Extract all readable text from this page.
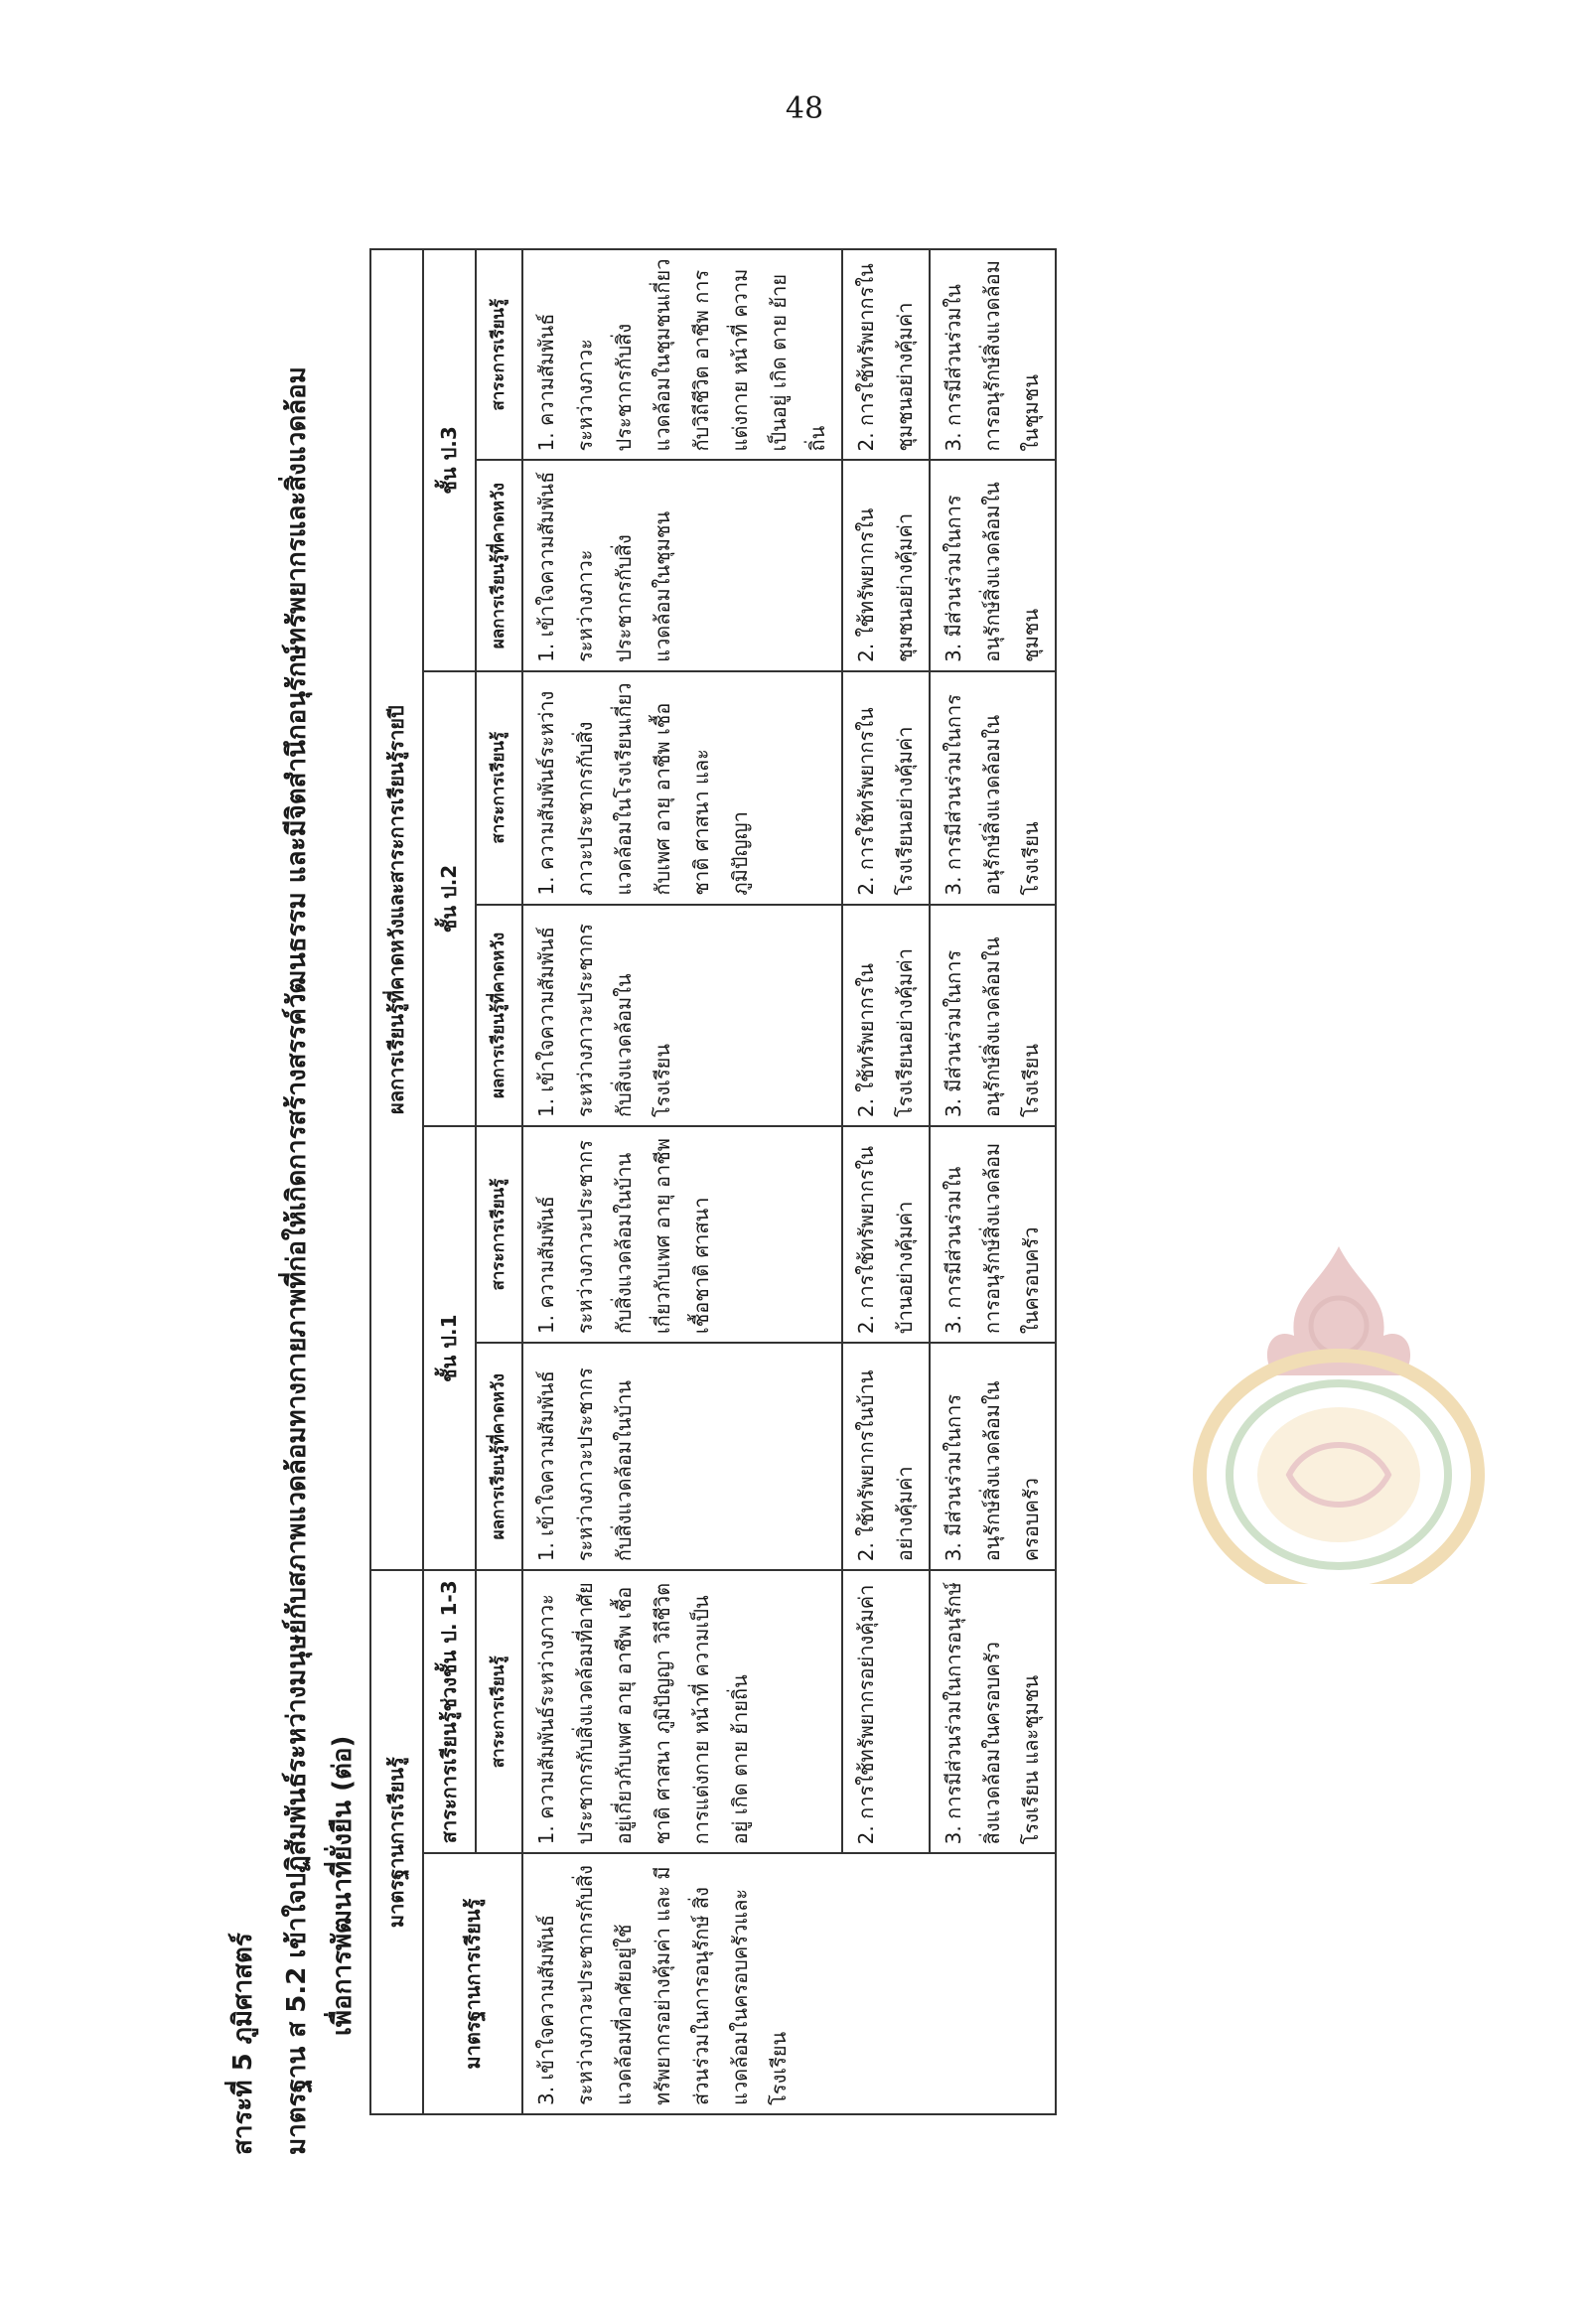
48
สาระที่ 5 ภูมิศาสตร์ มาตรฐาน ส 5.2 เข้าใจปฏิสัมพันธ์ระหว่างมนุษย์กับสภาพแวดล้อมทางกายภาพที่ก่อให้เกิดการสร้างสรรค์วัฒนธรรม และมีจิตสำนึกอนุรักษ์ทรัพยากรและสิ่งแวดล้อม เพื่อการพัฒนาที่ยั่งยืน (ต่อ) มาตรฐานการเรียนรู้		ผลการเรียนรู้ที่คาดหวังและสาระการเรียนรู้รายปี					
มาตรฐานการเรียนรู้	สาระการเรียนรู้ช่วงชั้น ป. 1-3	ชั้น ป.1		ชั้น ป.2		ชั้น ป.3	
	สาระการเรียนรู้	ผลการเรียนรู้ที่คาดหวัง	สาระการเรียนรู้	ผลการเรียนรู้ที่คาดหวัง	สาระการเรียนรู้	ผลการเรียนรู้ที่คาดหวัง	สาระการเรียนรู้
3. เข้าใจความสัมพันธ์ระหว่างภาวะประชากรกับสิ่งแวดล้อมที่อาศัยอยู่ใช้ทรัพยากรอย่างคุ้มค่า และ มีส่วนร่วมในการอนุรักษ์ สิ่งแวดล้อมในครอบครัวและโรงเรียน	1. ความสัมพันธ์ระหว่างภาวะประชากรกับสิ่งแวดล้อมที่อาศัยอยู่เกี่ยวกับเพศ อายุ อาชีพ เชื้อชาติ ศาสนา ภูมิปัญญา วิถีชีวิต การแต่งกาย หน้าที่ ความเป็นอยู่ เกิด ตาย ย้ายถิ่น	1. เข้าใจความสัมพันธ์ระหว่างภาวะประชากรกับสิ่งแวดล้อมในบ้าน	1. ความสัมพันธ์ระหว่างภาวะประชากรกับสิ่งแวดล้อมในบ้านเกี่ยวกับเพศ อายุ อาชีพ เชื้อชาติ ศาสนา	1. เข้าใจความสัมพันธ์ระหว่างภาวะประชากรกับสิ่งแวดล้อมในโรงเรียน	1. ความสัมพันธ์ระหว่างภาวะประชากรกับสิ่งแวดล้อมในโรงเรียนเกี่ยวกับเพศ อายุ อาชีพ เชื้อชาติ ศาสนา และภูมิปัญญา	1. เข้าใจความสัมพันธ์ระหว่างภาวะประชากรกับสิ่งแวดล้อมในชุมชน	1. ความสัมพันธ์ระหว่างภาวะประชากรกับสิ่งแวดล้อมในชุมชนเกี่ยวกับวิถีชีวิต อาชีพ การแต่งกาย หน้าที่ ความเป็นอยู่ เกิด ตาย ย้ายถิ่น
	2. การใช้ทรัพยากรอย่างคุ้มค่า	2. ใช้ทรัพยากรในบ้านอย่างคุ้มค่า	2. การใช้ทรัพยากรในบ้านอย่างคุ้มค่า	2. ใช้ทรัพยากรในโรงเรียนอย่างคุ้มค่า	2. การใช้ทรัพยากรในโรงเรียนอย่างคุ้มค่า	2. ใช้ทรัพยากรในชุมชนอย่างคุ้มค่า	2. การใช้ทรัพยากรในชุมชนอย่างคุ้มค่า
	3. การมีส่วนร่วมในการอนุรักษ์สิ่งแวดล้อมในครอบครัว โรงเรียน และชุมชน	3. มีส่วนร่วมในการอนุรักษ์สิ่งแวดล้อมในครอบครัว	3. การมีส่วนร่วมในการอนุรักษ์สิ่งแวดล้อมในครอบครัว	3. มีส่วนร่วมในการอนุรักษ์สิ่งแวดล้อมในโรงเรียน	3. การมีส่วนร่วมในการอนุรักษ์สิ่งแวดล้อมในโรงเรียน	3. มีส่วนร่วมในการอนุรักษ์สิ่งแวดล้อมในชุมชน	3. การมีส่วนร่วมในการอนุรักษ์สิ่งแวดล้อมในชุมชน
